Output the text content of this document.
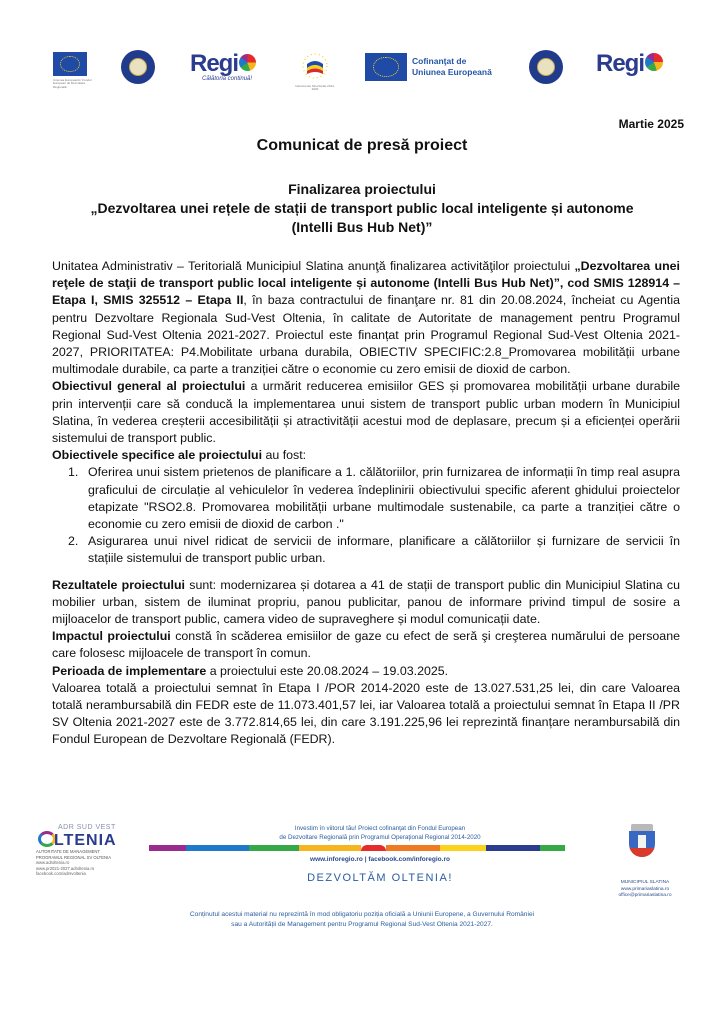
Uniunea Europeană / Fondul European de Dezvoltare Regională
Regi
Călătoria continuă!
Instrumente Structurale 2014-2020
Cofinanţat de
Uniunea Europeană	Regi
Martie 2025
Comunicat de presă proiect
Finalizarea proiectului
„Dezvoltarea unei rețele de stații de transport public local inteligente și autonome
(Intelli Bus Hub Net)”

Unitatea Administrativ – Teritorială Municipiul Slatina anunţă finalizarea activităţilor proiectului „Dezvoltarea unei reţele de staţii de transport public local inteligente și autonome (Intelli Bus Hub Net)”, cod SMIS 128914 – Etapa I, SMIS 325512 – Etapa II, în baza contractului de finanţare nr. 81 din 20.08.2024, încheiat cu Agentia pentru Dezvoltare Regionala Sud-Vest Oltenia, în calitate de Autoritate de management pentru Programul Regional Sud-Vest Oltenia 2021-2027. Proiectul este finanțat prin Programul Regional Sud-Vest Oltenia 2021-2027, PRIORITATEA: P4.Mobilitate urbana durabila, OBIECTIV SPECIFIC:2.8_Promovarea mobilității urbane multimodale durabile, ca parte a tranziției către o economie cu zero emisii de dioxid de carbon.

Obiectivul general al proiectului a urmărit reducerea emisiilor GES și promovarea mobilității urbane durabile prin intervenții care să conducă la implementarea unui sistem de transport public urban modern în Municipiul Slatina, în vederea creșterii accesibilității și atractivității acestui mod de deplasare, precum și a eficienței operării sistemului de transport public.

Obiectivele specifice ale proiectului au fost:

1. Oferirea unui sistem prietenos de planificare a 1. călătoriilor, prin furnizarea de informații în timp real asupra graficului de circulație al vehiculelor în vederea îndeplinirii obiectivului specific aferent ghidului proiectelor etapizate "RSO2.8. Promovarea mobilității urbane multimodale sustenabile, ca parte a tranziției către o economie cu zero emisii de dioxid de carbon ."
2. Asigurarea unui nivel ridicat de servicii de informare, planificare a călătoriilor și furnizare de servicii în stațiile sistemului de transport public urban.

Rezultatele proiectului sunt: modernizarea și dotarea a 41 de stații de transport public din Municipiul Slatina cu mobilier urban, sistem de iluminat propriu, panou publicitar, panou de informare privind timpul de sosire a mijloacelor de transport public, camera video de supraveghere și modul comunicații date.

Impactul proiectului constă în scăderea emisiilor de gaze cu efect de seră şi creşterea numărului de persoane care folosesc mijloacele de transport în comun.

Perioada de implementare a proiectului este 20.08.2024 – 19.03.2025.

Valoarea totală a proiectului semnat în Etapa I /POR 2014-2020 este de 13.027.531,25 lei, din care Valoarea totală nerambursabilă din FEDR este de 11.073.401,57 lei, iar Valoarea totală a proiectului semnat în Etapa II /PR SV Oltenia 2021-2027 este de 3.772.814,65 lei, din care 3.191.225,96 lei reprezintă finanțare nerambursabilă din Fondul European de Dezvoltare Regională (FEDR).

ADR SUD VEST
LTENIA
AUTORITATE DE MANAGEMENT
PROGRAMUL REGIONAL SV OLTENIA
www.adroltenia.ro
www.pr2021-2027.adroltenia.ro
facebook.com/adrsvoltenia
Investim în viitorul tău! Proiect cofinanţat din Fondul European
de Dezvoltare Regională prin Programul Operaţional Regional 2014-2020
www.inforegio.ro | facebook.com/inforegio.ro
DEZVOLTĂM OLTENIA!	MUNICIPIUL SLATINA
www.primariaslatina.ro
office@primariaslatina.ro
Conținutul acestui material nu reprezintă în mod obligatoriu poziția oficială a Uniunii Europene, a Guvernului României
sau a Autorității de Management pentru Programul Regional Sud-Vest Oltenia 2021-2027.
